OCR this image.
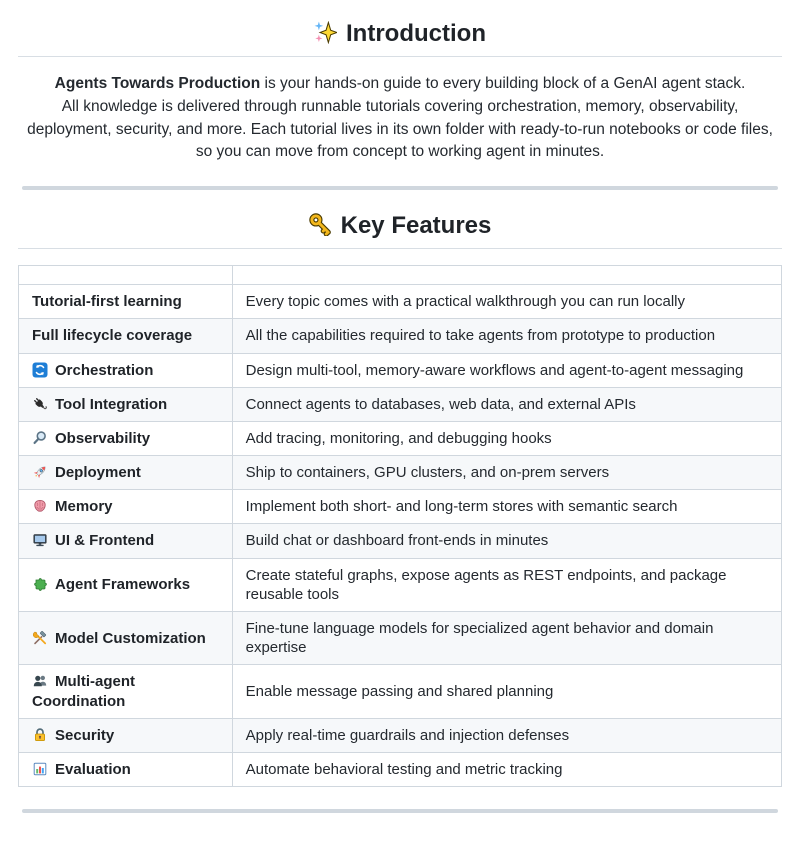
Introduction

Agents Towards Production is your hands-on guide to every building block of a GenAI agent stack.
All knowledge is delivered through runnable tutorials covering orchestration, memory, observability, deployment, security, and more. Each tutorial lives in its own folder with ready-to-run notebooks or code files, so you can move from concept to working agent in minutes.

Key Features

Tutorial-first learning	Every topic comes with a practical walkthrough you can run locally
Full lifecycle coverage	All the capabilities required to take agents from prototype to production
Orchestration	Design multi-tool, memory-aware workflows and agent-to-agent messaging
Tool Integration	Connect agents to databases, web data, and external APIs
Observability	Add tracing, monitoring, and debugging hooks
Deployment	Ship to containers, GPU clusters, and on-prem servers
Memory	Implement both short- and long-term stores with semantic search
UI & Frontend	Build chat or dashboard front-ends in minutes
Agent Frameworks	Create stateful graphs, expose agents as REST endpoints, and package reusable tools
Model Customization	Fine-tune language models for specialized agent behavior and domain expertise
Multi-agent Coordination	Enable message passing and shared planning
Security	Apply real-time guardrails and injection defenses
Evaluation	Automate behavioral testing and metric tracking
